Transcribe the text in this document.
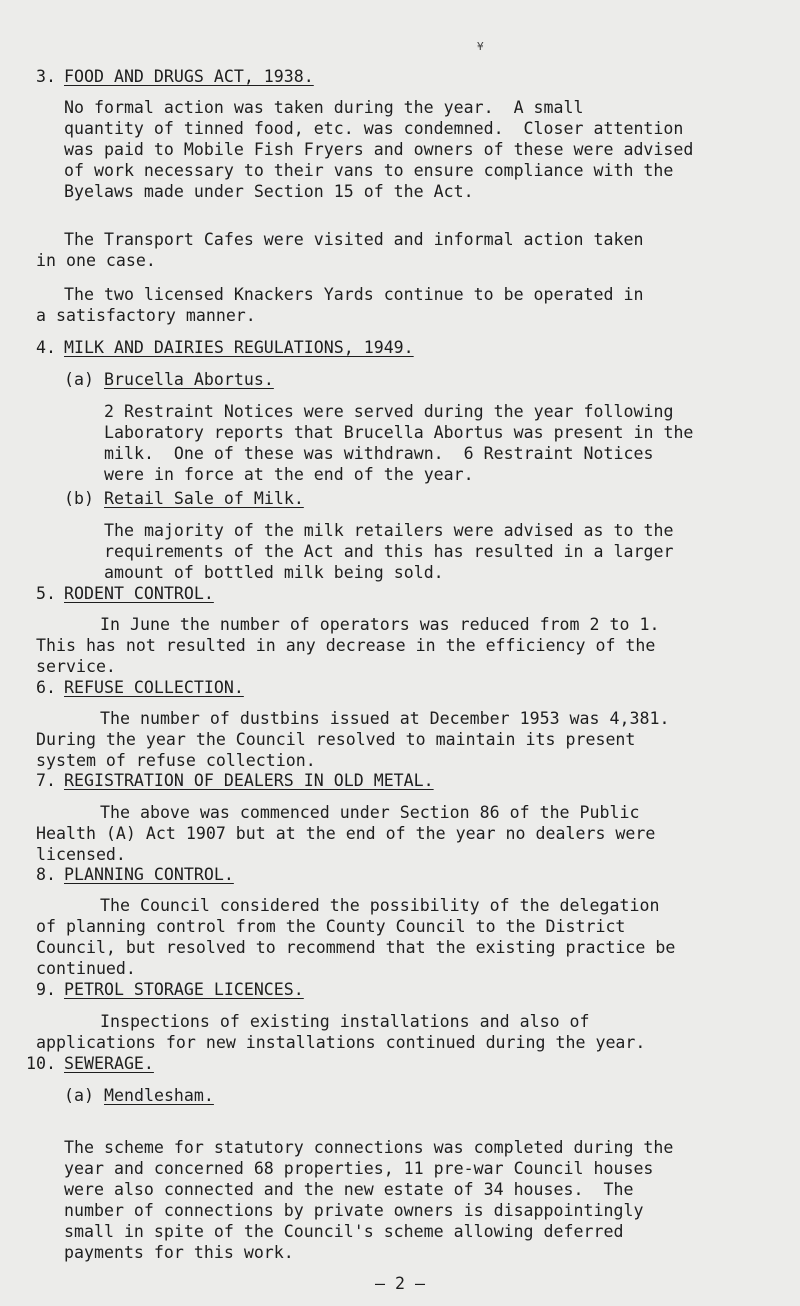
¥
3. FOOD AND DRUGS ACT, 1938.
No formal action was taken during the year.  A small
quantity of tinned food, etc. was condemned.  Closer attention
was paid to Mobile Fish Fryers and owners of these were advised
of work necessary to their vans to ensure compliance with the
Byelaws made under Section 15 of the Act.
The Transport Cafes were visited and informal action taken
in one case.
The two licensed Knackers Yards continue to be operated in
a satisfactory manner.
4. MILK AND DAIRIES REGULATIONS, 1949.
(a) Brucella Abortus.
2 Restraint Notices were served during the year following
Laboratory reports that Brucella Abortus was present in the
milk.  One of these was withdrawn.  6 Restraint Notices
were in force at the end of the year.
(b) Retail Sale of Milk.
The majority of the milk retailers were advised as to the
requirements of the Act and this has resulted in a larger
amount of bottled milk being sold.
5. RODENT CONTROL.
In June the number of operators was reduced from 2 to 1.
This has not resulted in any decrease in the efficiency of the
service.
6. REFUSE COLLECTION.
The number of dustbins issued at December 1953 was 4,381.
During the year the Council resolved to maintain its present
system of refuse collection.
7. REGISTRATION OF DEALERS IN OLD METAL.
The above was commenced under Section 86 of the Public
Health (A) Act 1907 but at the end of the year no dealers were
licensed.
8. PLANNING CONTROL.
The Council considered the possibility of the delegation
of planning control from the County Council to the District
Council, but resolved to recommend that the existing practice be
continued.
9. PETROL STORAGE LICENCES.
Inspections of existing installations and also of
applications for new installations continued during the year.
10. SEWERAGE.
(a) Mendlesham.
The scheme for statutory connections was completed during the
year and concerned 68 properties, 11 pre-war Council houses
were also connected and the new estate of 34 houses.  The
number of connections by private owners is disappointingly
small in spite of the Council's scheme allowing deferred
payments for this work.
— 2 —
